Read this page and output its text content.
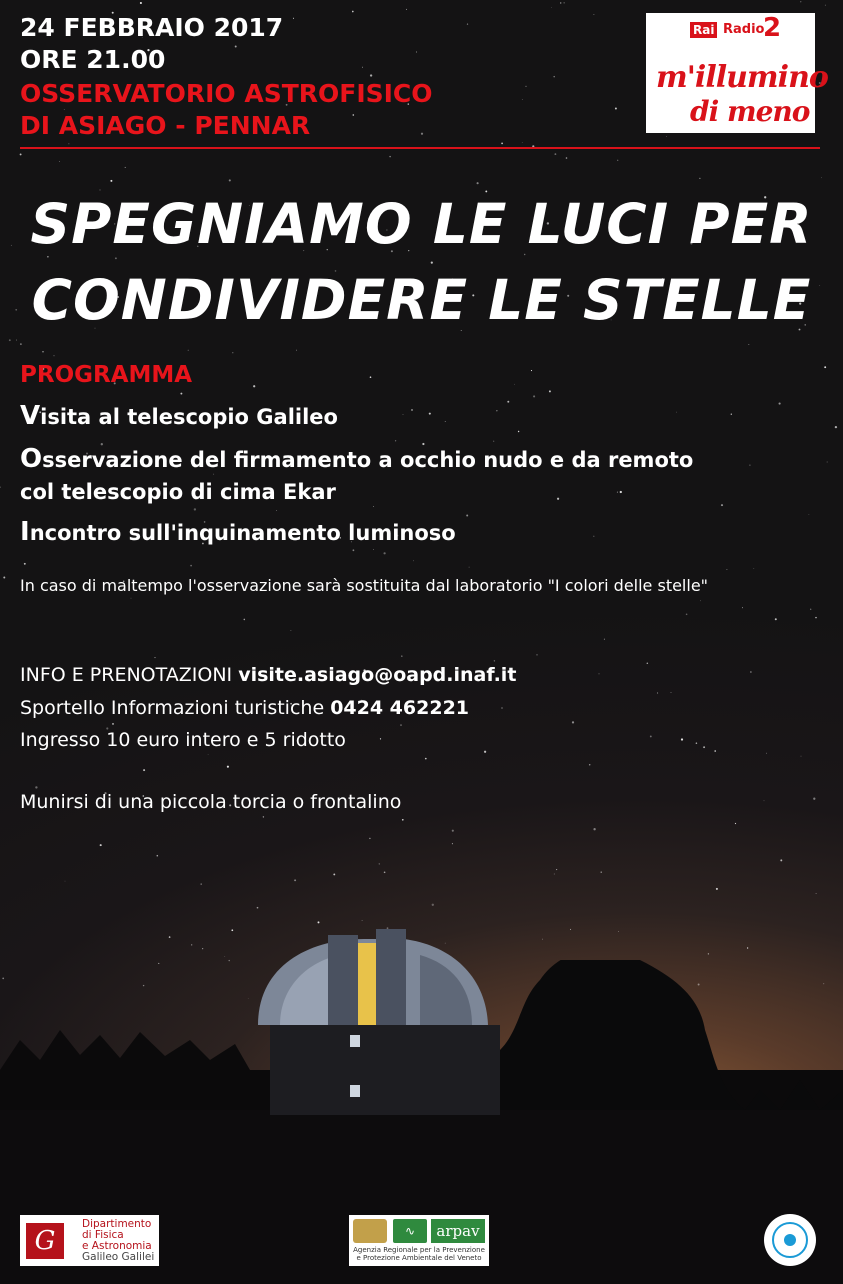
24 FEBBRAIO 2017
ORE 21.00
OSSERVATORIO ASTROFISICO
DI ASIAGO - PENNAR
Rai Radio
2
m'illumino
di meno
SPEGNIAMO LE LUCI PER
CONDIVIDERE LE STELLE
PROGRAMMA
Visita al telescopio Galileo
Osservazione del firmamento a occhio nudo e da remoto
col telescopio di cima Ekar
Incontro sull'inquinamento luminoso
In caso di maltempo l'osservazione sarà sostituita dal laboratorio "I colori delle stelle"
INFO E PRENOTAZIONI visite.asiago@oapd.inaf.it
Sportello Informazioni turistiche 0424 462221
Ingresso 10 euro intero e 5 ridotto
Munirsi di una piccola torcia o frontalino
G
Dipartimento
di Fisica
e Astronomia
Galileo Galilei
∿	arpav
Agenzia Regionale per la Prevenzione e Protezione Ambientale del Veneto
